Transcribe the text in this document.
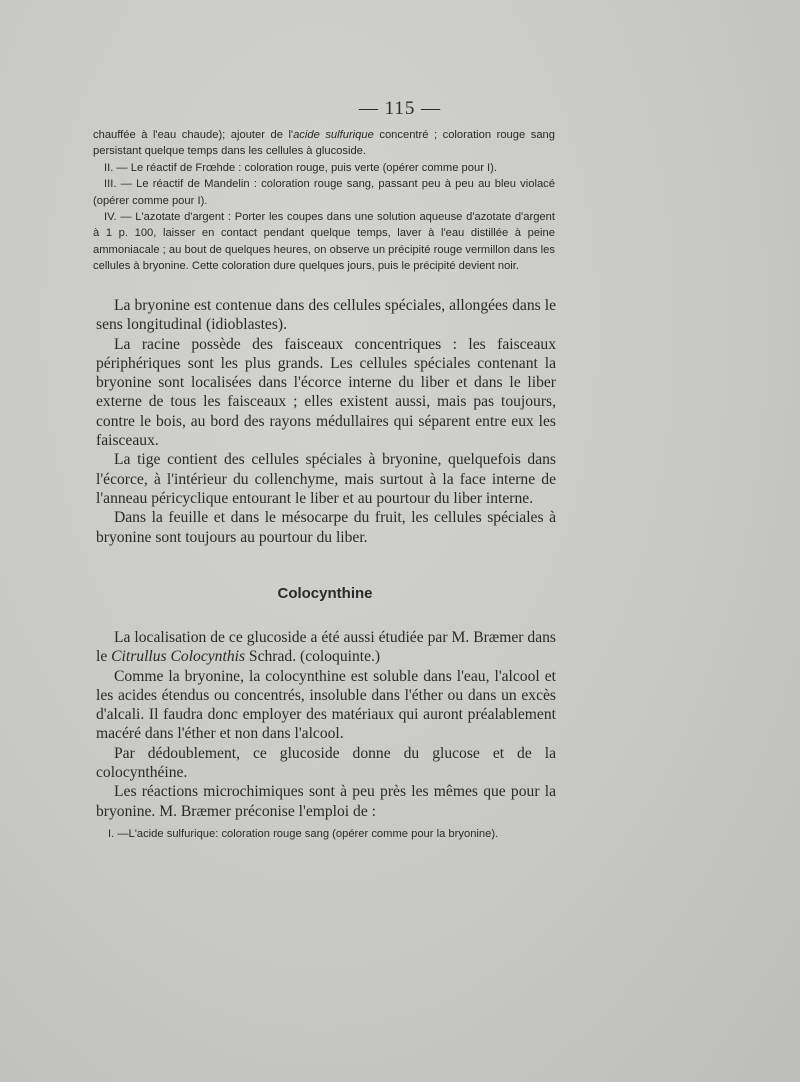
— 115 —

chauffée à l'eau chaude); ajouter de l'acide sulfurique concentré ; coloration rouge sang persistant quelque temps dans les cellules à glucoside.

II. — Le réactif de Frœhde : coloration rouge, puis verte (opérer comme pour I).

III. — Le réactif de Mandelin : coloration rouge sang, passant peu à peu au bleu violacé (opérer comme pour I).

IV. — L'azotate d'argent : Porter les coupes dans une solution aqueuse d'azotate d'argent à 1 p. 100, laisser en contact pendant quelque temps, laver à l'eau distillée à peine ammoniacale ; au bout de quelques heures, on observe un précipité rouge vermillon dans les cellules à bryonine. Cette coloration dure quelques jours, puis le précipité devient noir.

La bryonine est contenue dans des cellules spéciales, allongées dans le sens longitudinal (idioblastes).

La racine possède des faisceaux concentriques : les faisceaux périphériques sont les plus grands. Les cellules spéciales contenant la bryonine sont localisées dans l'écorce interne du liber et dans le liber externe de tous les faisceaux ; elles existent aussi, mais pas toujours, contre le bois, au bord des rayons médullaires qui séparent entre eux les faisceaux.

La tige contient des cellules spéciales à bryonine, quelquefois dans l'écorce, à l'intérieur du collenchyme, mais surtout à la face interne de l'anneau péricyclique entourant le liber et au pourtour du liber interne.

Dans la feuille et dans le mésocarpe du fruit, les cellules spéciales à bryonine sont toujours au pourtour du liber.

Colocynthine

La localisation de ce glucoside a été aussi étudiée par M. Bræmer dans le Citrullus Colocynthis Schrad. (coloquinte.)

Comme la bryonine, la colocynthine est soluble dans l'eau, l'alcool et les acides étendus ou concentrés, insoluble dans l'éther ou dans un excès d'alcali. Il faudra donc employer des matériaux qui auront préalablement macéré dans l'éther et non dans l'alcool.

Par dédoublement, ce glucoside donne du glucose et de la colocynthéine.

Les réactions microchimiques sont à peu près les mêmes que pour la bryonine. M. Bræmer préconise l'emploi de :

I. —L'acide sulfurique: coloration rouge sang (opérer comme pour la bryonine).
